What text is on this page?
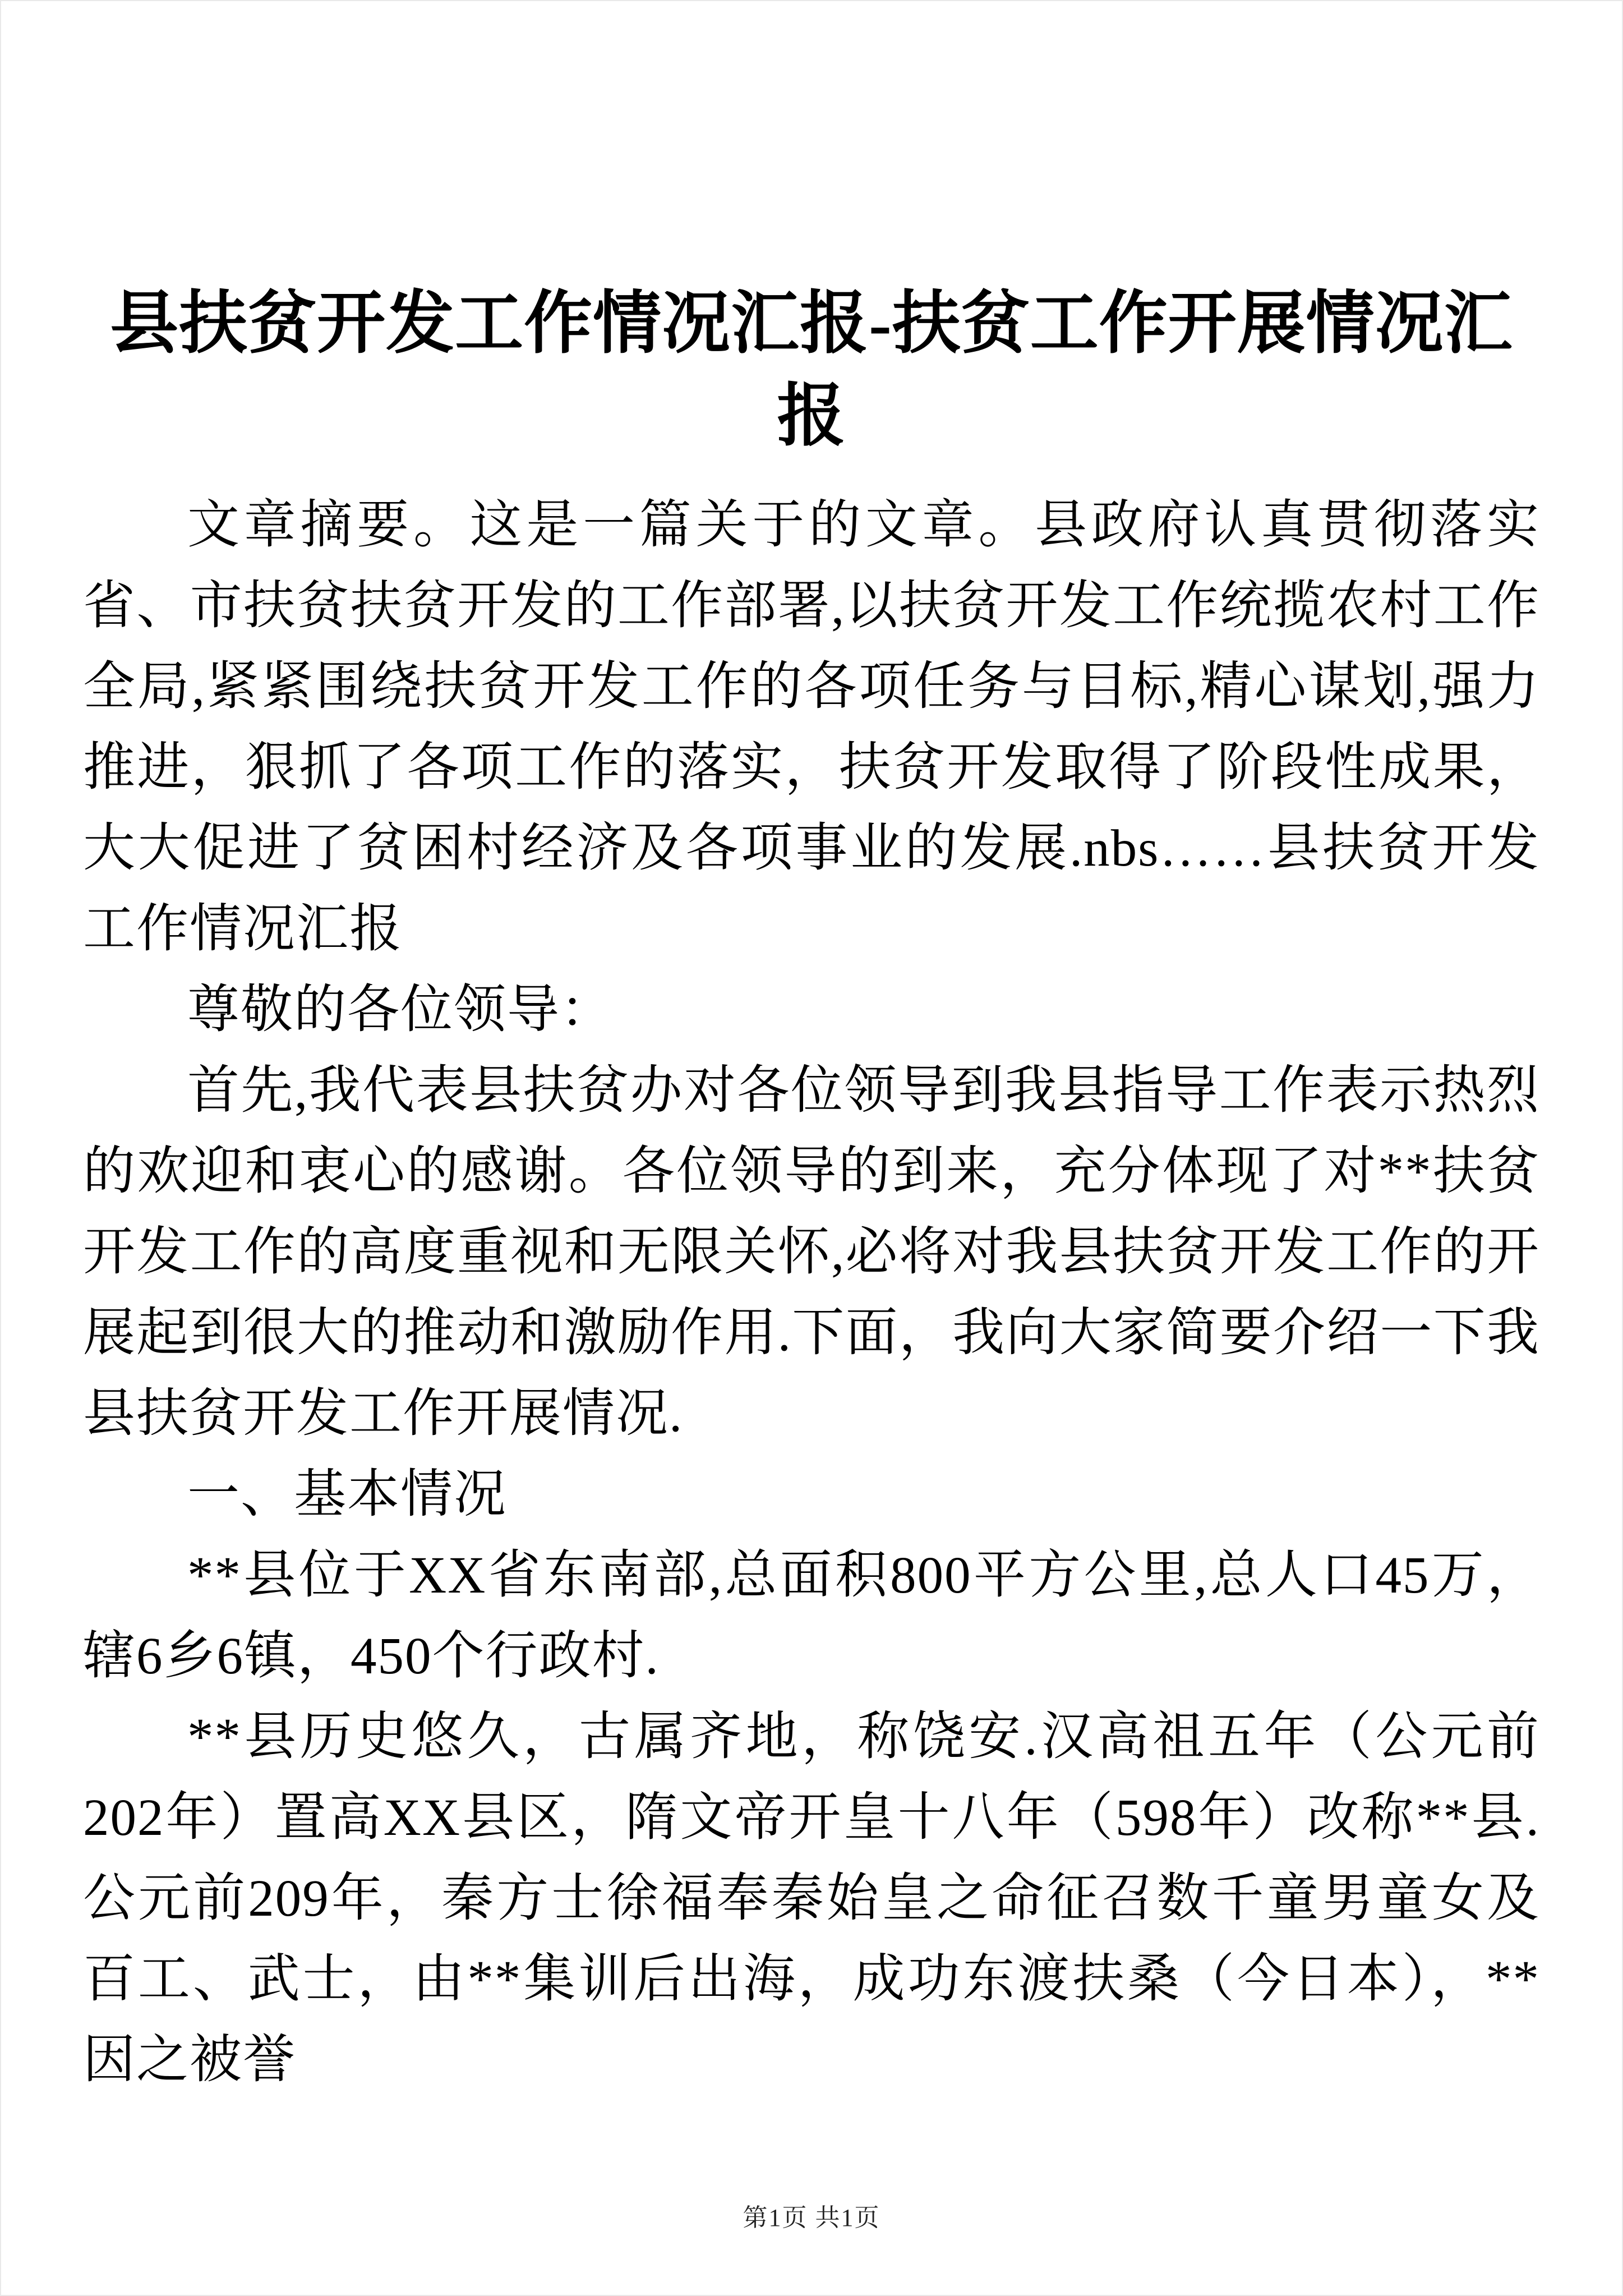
县扶贫开发工作情况汇报-扶贫工作开展情况汇报

文章摘要。这是一篇关于的文章。县政府认真贯彻落实省、市扶贫扶贫开发的工作部署,以扶贫开发工作统揽农村工作全局,紧紧围绕扶贫开发工作的各项任务与目标,精心谋划,强力推进，狠抓了各项工作的落实，扶贫开发取得了阶段性成果，大大促进了贫困村经济及各项事业的发展.nbs……县扶贫开发工作情况汇报

尊敬的各位领导：

首先,我代表县扶贫办对各位领导到我县指导工作表示热烈的欢迎和衷心的感谢。各位领导的到来，充分体现了对**扶贫开发工作的高度重视和无限关怀,必将对我县扶贫开发工作的开展起到很大的推动和激励作用.下面，我向大家简要介绍一下我县扶贫开发工作开展情况.

一、基本情况

**县位于XX省东南部,总面积800平方公里,总人口45万，辖6乡6镇，450个行政村.

**县历史悠久，古属齐地，称饶安.汉高祖五年（公元前202年）置高XX县区，隋文帝开皇十八年（598年）改称**县.公元前209年，秦方士徐福奉秦始皇之命征召数千童男童女及百工、武士，由**集训后出海，成功东渡扶桑（今日本），**因之被誉

第1页 共1页
